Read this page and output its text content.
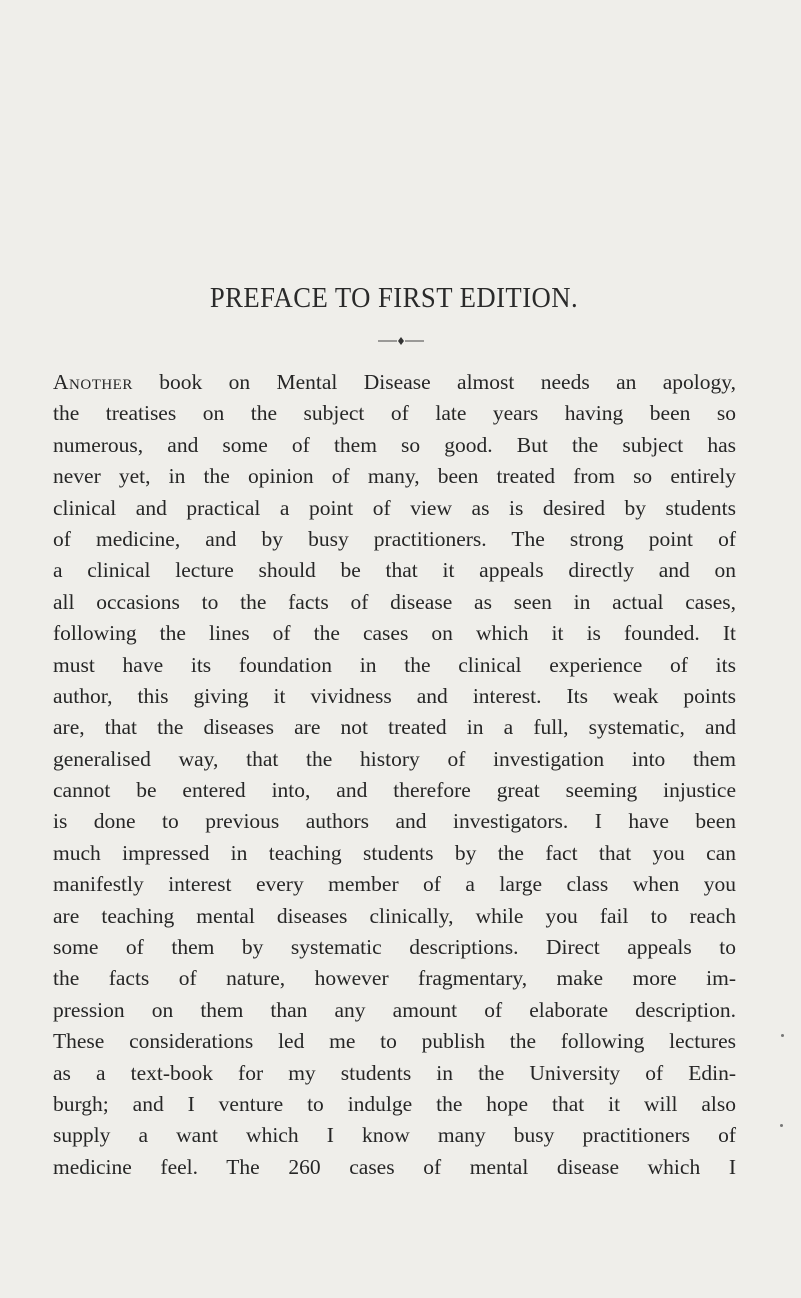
PREFACE TO FIRST EDITION.
Another book on Mental Disease almost needs an apology,
the treatises on the subject of late years having been so
numerous, and some of them so good. But the subject has
never yet, in the opinion of many, been treated from so entirely
clinical and practical a point of view as is desired by students
of medicine, and by busy practitioners. The strong point of
a clinical lecture should be that it appeals directly and on
all occasions to the facts of disease as seen in actual cases,
following the lines of the cases on which it is founded. It
must have its foundation in the clinical experience of its
author, this giving it vividness and interest. Its weak points
are, that the diseases are not treated in a full, systematic, and
generalised way, that the history of investigation into them
cannot be entered into, and therefore great seeming injustice
is done to previous authors and investigators. I have been
much impressed in teaching students by the fact that you can
manifestly interest every member of a large class when you
are teaching mental diseases clinically, while you fail to reach
some of them by systematic descriptions. Direct appeals to
the facts of nature, however fragmentary, make more im-
pression on them than any amount of elaborate description.
These considerations led me to publish the following lectures
as a text-book for my students in the University of Edin-
burgh; and I venture to indulge the hope that it will also
supply a want which I know many busy practitioners of
medicine feel. The 260 cases of mental disease which I
